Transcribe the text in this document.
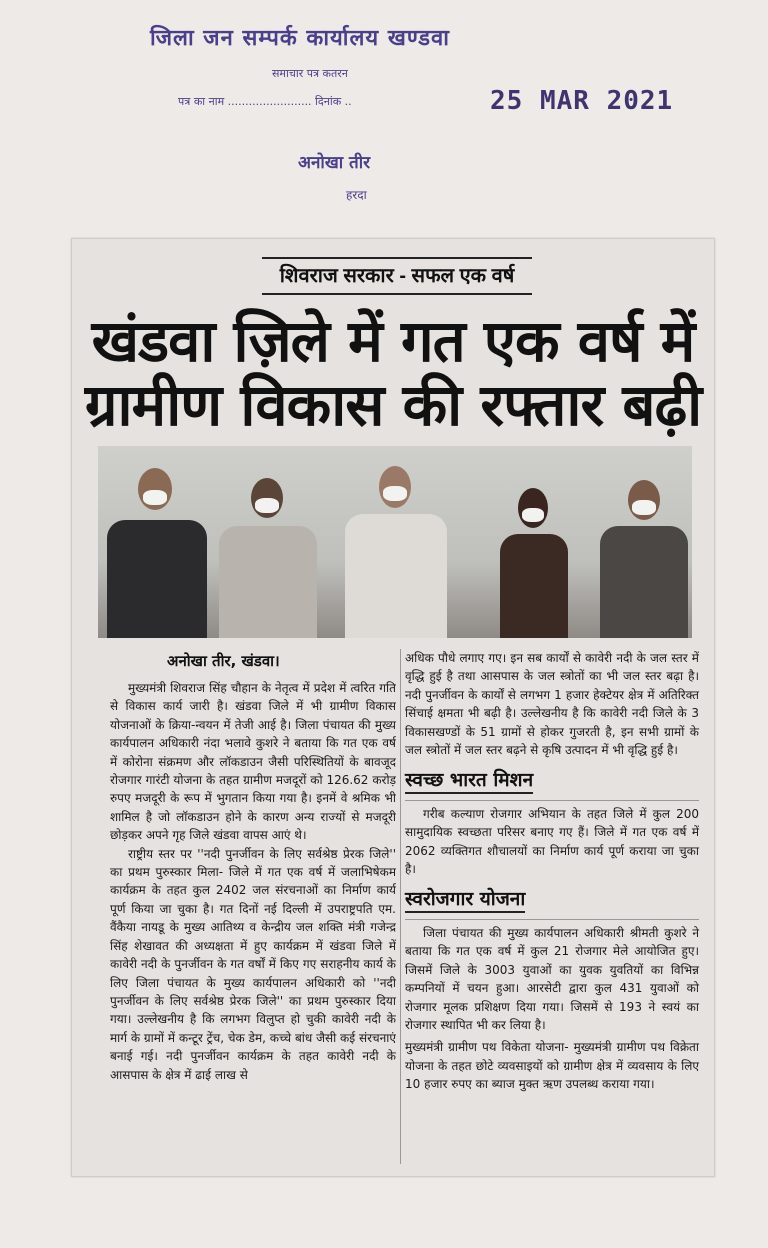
जिला जन सम्पर्क कार्यालय खण्डवा
समाचार पत्र कतरन
पत्र का नाम ........................ दिनांक ..	25 MAR 2021
अनोखा तीर
हरदा
शिवराज सरकार - सफल एक वर्ष
खंडवा ज़िले में गत एक वर्ष में
ग्रामीण विकास की रफ्तार बढ़ी
अनोखा तीर, खंडवा।

मुख्यमंत्री शिवराज सिंह चौहान के नेतृत्व में प्रदेश में त्वरित गति से विकास कार्य जारी है। खंडवा जिले में भी ग्रामीण विकास योजनाओं के क्रिया-न्वयन में तेजी आई है। जिला पंचायत की मुख्य कार्यपालन अधिकारी नंदा भलावे कुशरे ने बताया कि गत एक वर्ष में कोरोना संक्रमण और लॉकडाउन जैसी परिस्थितियों के बावजूद रोजगार गारंटी योजना के तहत ग्रामीण मजदूरों को 126.62 करोड़ रुपए मजदूरी के रूप में भुगतान किया गया है। इनमें वे श्रमिक भी शामिल है जो लॉकडाउन होने के कारण अन्य राज्यों से मजदूरी छोड़कर अपने गृह जिले खंडवा वापस आएं थे।

राष्ट्रीय स्तर पर ''नदी पुनर्जीवन के लिए सर्वश्रेष्ठ प्रेरक जिले'' का प्रथम पुरुस्कार मिला- जिले में गत एक वर्ष में जलाभिषेकम कार्यक्रम के तहत कुल 2402 जल संरचनाओं का निर्माण कार्य पूर्ण किया जा चुका है। गत दिनों नई दिल्ली में उपराष्ट्रपति एम. वैंकैया नायडू के मुख्य आतिथ्य व केन्द्रीय जल शक्ति मंत्री गजेन्द्र सिंह शेखावत की अध्यक्षता में हुए कार्यक्रम में खंडवा जिले में कावेरी नदी के पुनर्जीवन के गत वर्षों में किए गए सराहनीय कार्य के लिए जिला पंचायत के मुख्य कार्यपालन अधिकारी को ''नदी पुनर्जीवन के लिए सर्वश्रेष्ठ प्रेरक जिले'' का प्रथम पुरुस्कार दिया गया। उल्लेखनीय है कि लगभग विलुप्त हो चुकी कावेरी नदी के मार्ग के ग्रामों में कन्टूर ट्रेंच, चेक डेम, कच्चे बांध जैसी कई संरचनाएं बनाई गई। नदी पुनर्जीवन कार्यक्रम के तहत कावेरी नदी के आसपास के क्षेत्र में ढाई लाख से

अधिक पौधे लगाए गए। इन सब कार्यों से कावेरी नदी के जल स्तर में वृद्धि हुई है तथा आसपास के जल स्त्रोतों का भी जल स्तर बढ़ा है। नदी पुनर्जीवन के कार्यों से लगभग 1 हजार हेक्टेयर क्षेत्र में अतिरिक्त सिंचाई क्षमता भी बढ़ी है। उल्लेखनीय है कि कावेरी नदी जिले के 3 विकासखण्डों के 51 ग्रामों से होकर गुजरती है, इन सभी ग्रामों के जल स्त्रोतों में जल स्तर बढ़ने से कृषि उत्पादन में भी वृद्धि हुई है।

स्वच्छ भारत मिशन

गरीब कल्याण रोजगार अभियान के तहत जिले में कुल 200 सामुदायिक स्वच्छता परिसर बनाए गए हैं। जिले में गत एक वर्ष में 2062 व्यक्तिगत शौचालयों का निर्माण कार्य पूर्ण कराया जा चुका है।

स्वरोजगार योजना

जिला पंचायत की मुख्य कार्यपालन अधिकारी श्रीमती कुशरे ने बताया कि गत एक वर्ष में कुल 21 रोजगार मेले आयोजित हुए। जिसमें जिले के 3003 युवाओं का युवक युवतियों का विभिन्न कम्पनियों में चयन हुआ। आरसेटी द्वारा कुल 431 युवाओं को रोजगार मूलक प्रशिक्षण दिया गया। जिसमें से 193 ने स्वयं का रोजगार स्थापित भी कर लिया है।

मुख्यमंत्री ग्रामीण पथ विकेता योजना- मुख्यमंत्री ग्रामीण पथ विक्रेता योजना के तहत छोटे व्यवसाइयों को ग्रामीण क्षेत्र में व्यवसाय के लिए 10 हजार रुपए का ब्याज मुक्त ऋण उपलब्ध कराया गया।
